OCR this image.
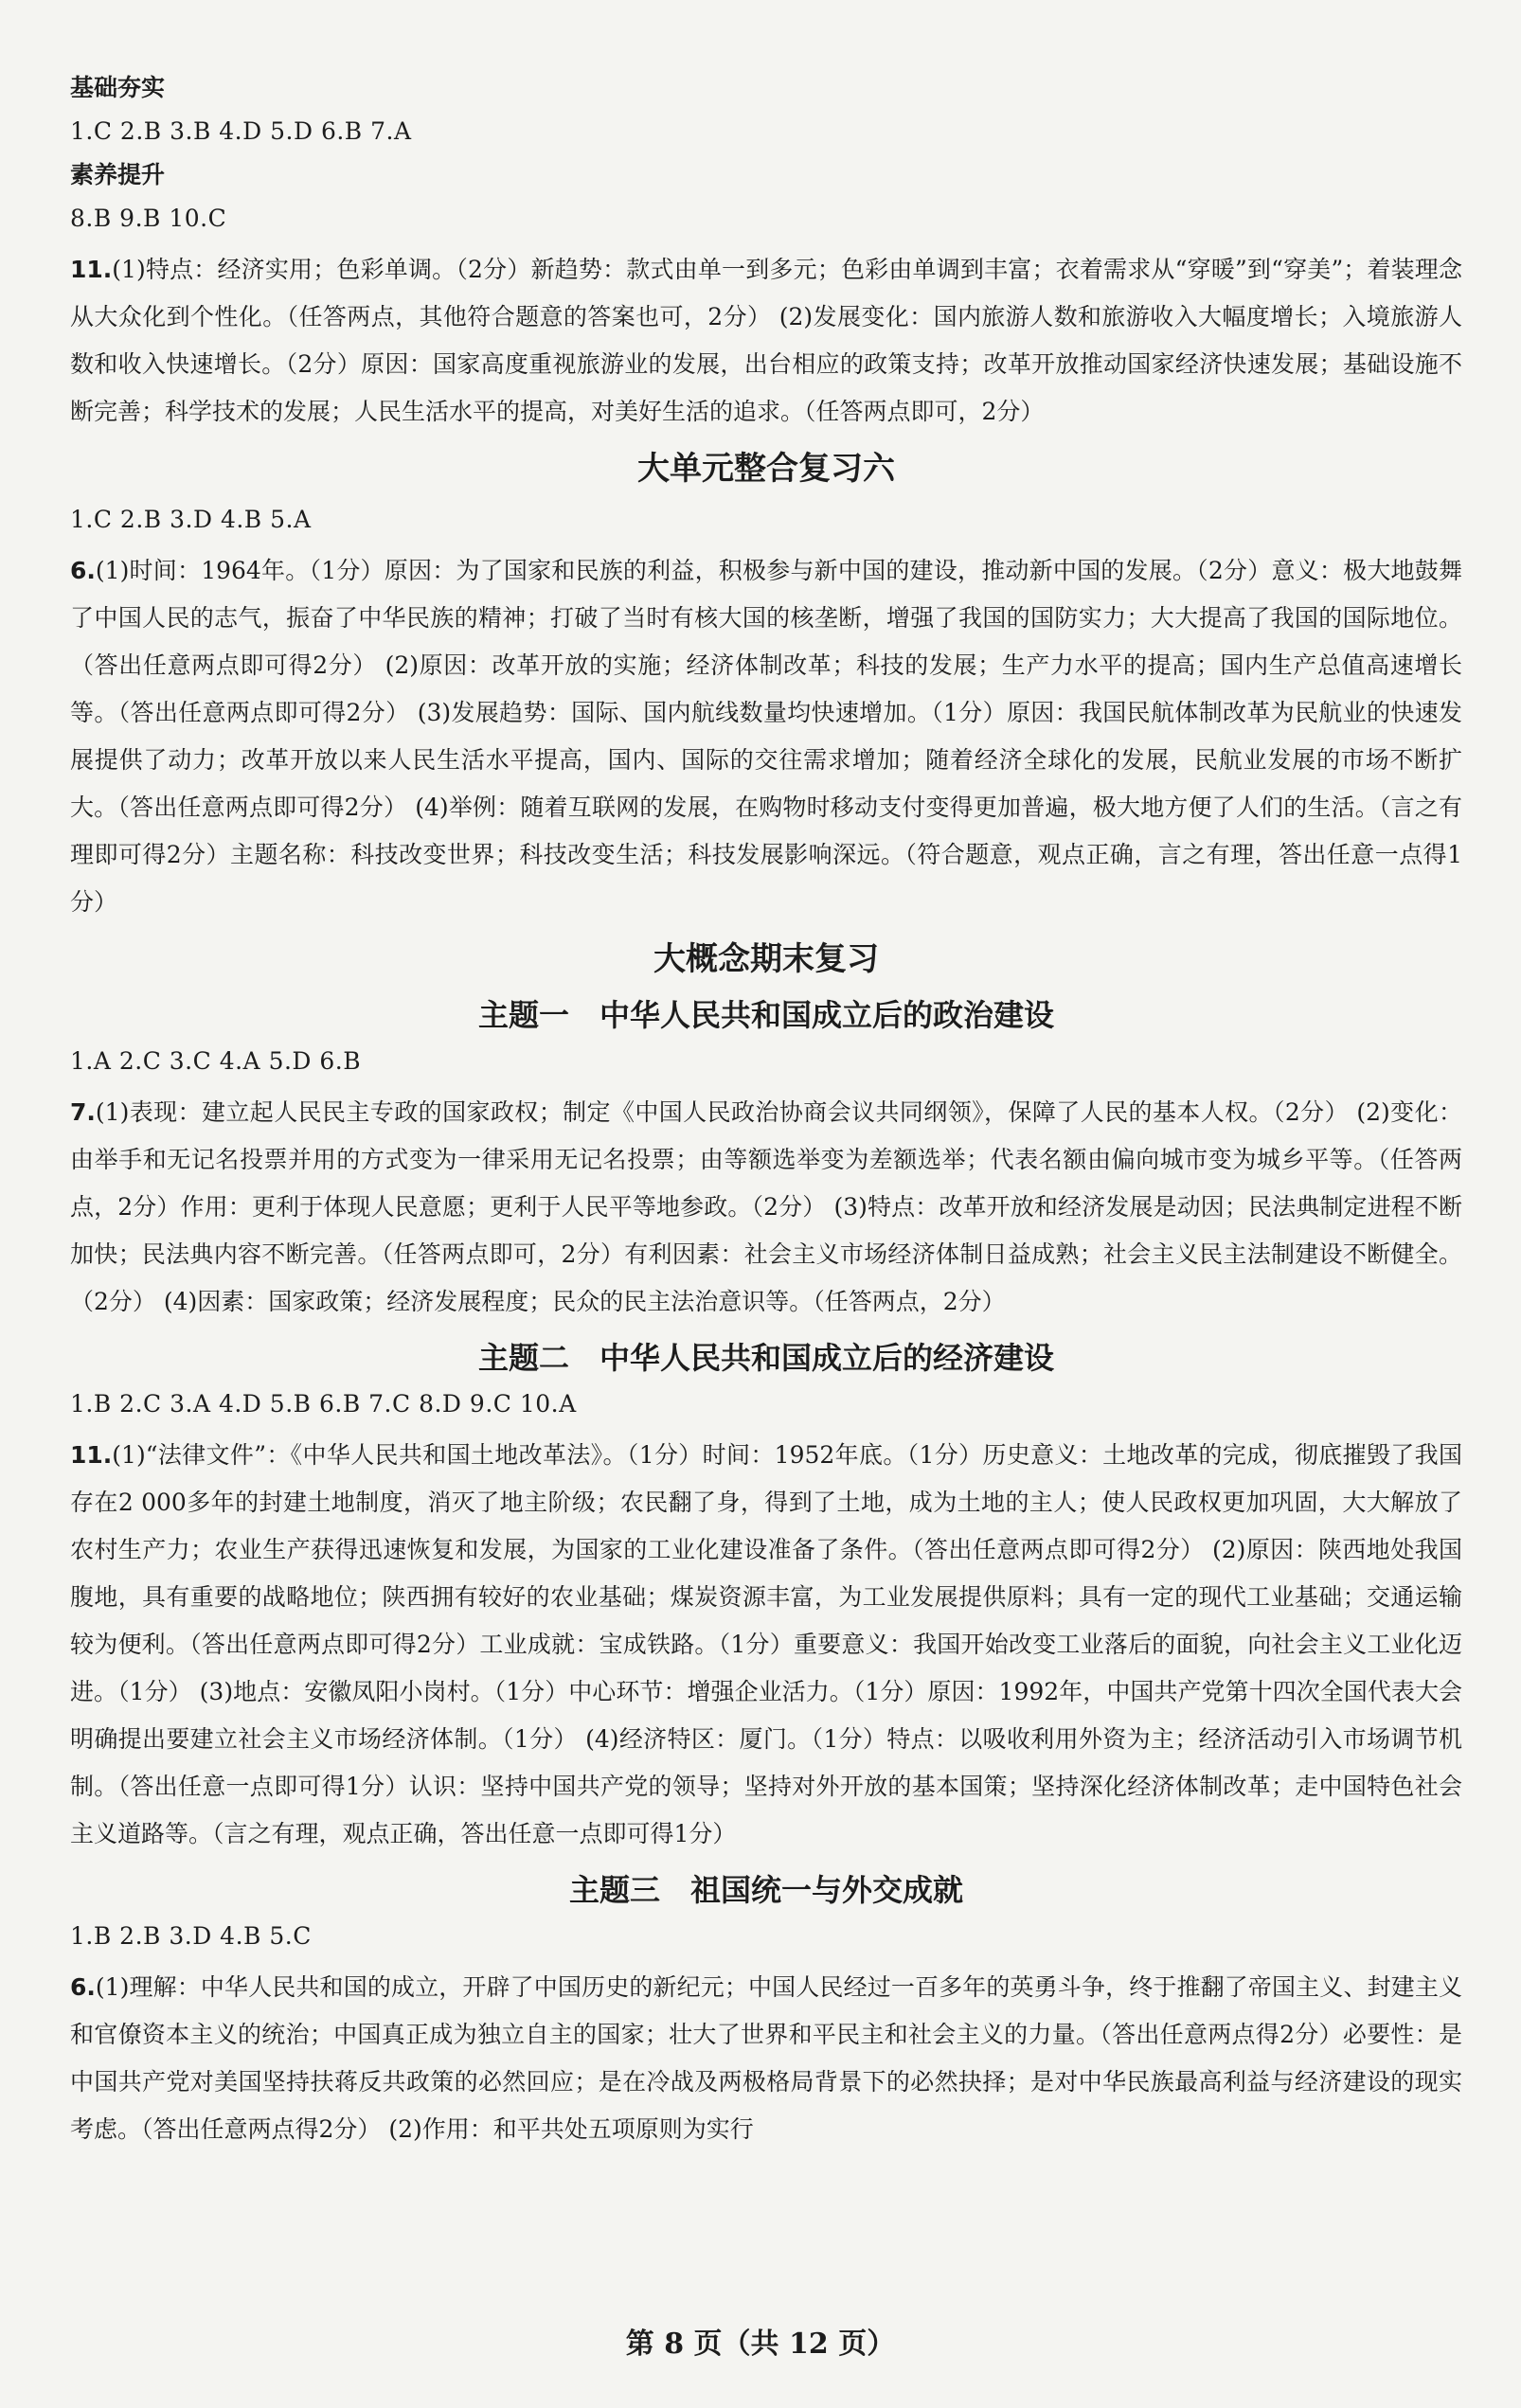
基础夯实
1.C 2.B 3.B 4.D 5.D 6.B 7.A
素养提升
8.B 9.B 10.C
11.(1)特点：经济实用；色彩单调。（2分）新趋势：款式由单一到多元；色彩由单调到丰富；衣着需求从“穿暖”到“穿美”；着装理念从大众化到个性化。（任答两点，其他符合题意的答案也可，2分） (2)发展变化：国内旅游人数和旅游收入大幅度增长；入境旅游人数和收入快速增长。（2分）原因：国家高度重视旅游业的发展，出台相应的政策支持；改革开放推动国家经济快速发展；基础设施不断完善；科学技术的发展；人民生活水平的提高，对美好生活的追求。（任答两点即可，2分）
大单元整合复习六
1.C 2.B 3.D 4.B 5.A
6.(1)时间：1964年。（1分）原因：为了国家和民族的利益，积极参与新中国的建设，推动新中国的发展。（2分）意义：极大地鼓舞了中国人民的志气，振奋了中华民族的精神；打破了当时有核大国的核垄断，增强了我国的国防实力；大大提高了我国的国际地位。（答出任意两点即可得2分） (2)原因：改革开放的实施；经济体制改革；科技的发展；生产力水平的提高；国内生产总值高速增长等。（答出任意两点即可得2分） (3)发展趋势：国际、国内航线数量均快速增加。（1分）原因：我国民航体制改革为民航业的快速发展提供了动力；改革开放以来人民生活水平提高，国内、国际的交往需求增加；随着经济全球化的发展，民航业发展的市场不断扩大。（答出任意两点即可得2分） (4)举例：随着互联网的发展，在购物时移动支付变得更加普遍，极大地方便了人们的生活。（言之有理即可得2分）主题名称：科技改变世界；科技改变生活；科技发展影响深远。（符合题意，观点正确，言之有理，答出任意一点得1分）
大概念期末复习
主题一　中华人民共和国成立后的政治建设
1.A 2.C 3.C 4.A 5.D 6.B
7.(1)表现：建立起人民民主专政的国家政权；制定《中国人民政治协商会议共同纲领》，保障了人民的基本人权。（2分） (2)变化：由举手和无记名投票并用的方式变为一律采用无记名投票；由等额选举变为差额选举；代表名额由偏向城市变为城乡平等。（任答两点，2分）作用：更利于体现人民意愿；更利于人民平等地参政。（2分） (3)特点：改革开放和经济发展是动因；民法典制定进程不断加快；民法典内容不断完善。（任答两点即可，2分）有利因素：社会主义市场经济体制日益成熟；社会主义民主法制建设不断健全。（2分） (4)因素：国家政策；经济发展程度；民众的民主法治意识等。（任答两点，2分）
主题二　中华人民共和国成立后的经济建设
1.B 2.C 3.A 4.D 5.B 6.B 7.C 8.D 9.C 10.A
11.(1)“法律文件”：《中华人民共和国土地改革法》。（1分）时间：1952年底。（1分）历史意义：土地改革的完成，彻底摧毁了我国存在2 000多年的封建土地制度，消灭了地主阶级；农民翻了身，得到了土地，成为土地的主人；使人民政权更加巩固，大大解放了农村生产力；农业生产获得迅速恢复和发展，为国家的工业化建设准备了条件。（答出任意两点即可得2分） (2)原因：陕西地处我国腹地，具有重要的战略地位；陕西拥有较好的农业基础；煤炭资源丰富，为工业发展提供原料；具有一定的现代工业基础；交通运输较为便利。（答出任意两点即可得2分）工业成就：宝成铁路。（1分）重要意义：我国开始改变工业落后的面貌，向社会主义工业化迈进。（1分） (3)地点：安徽凤阳小岗村。（1分）中心环节：增强企业活力。（1分）原因：1992年，中国共产党第十四次全国代表大会明确提出要建立社会主义市场经济体制。（1分） (4)经济特区：厦门。（1分）特点：以吸收利用外资为主；经济活动引入市场调节机制。（答出任意一点即可得1分）认识：坚持中国共产党的领导；坚持对外开放的基本国策；坚持深化经济体制改革；走中国特色社会主义道路等。（言之有理，观点正确，答出任意一点即可得1分）
主题三　祖国统一与外交成就
1.B 2.B 3.D 4.B 5.C
6.(1)理解：中华人民共和国的成立，开辟了中国历史的新纪元；中国人民经过一百多年的英勇斗争，终于推翻了帝国主义、封建主义和官僚资本主义的统治；中国真正成为独立自主的国家；壮大了世界和平民主和社会主义的力量。（答出任意两点得2分）必要性：是中国共产党对美国坚持扶蒋反共政策的必然回应；是在冷战及两极格局背景下的必然抉择；是对中华民族最高利益与经济建设的现实考虑。（答出任意两点得2分） (2)作用：和平共处五项原则为实行
第 8 页（共 12 页）
